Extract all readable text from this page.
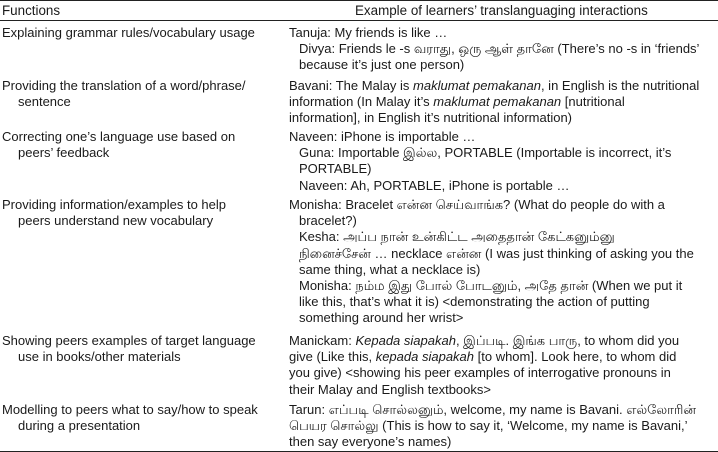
Functions	Example of learners’ translanguaging interactions
Explaining grammar rules/vocabulary usage	Tanuja: My friends is like …
Divya: Friends le -s வராது, ஒரு ஆள் தானே (There’s no -s in ‘friends’
because it’s just one person)
Providing the translation of a word/phrase/
sentence
Bavani: The Malay is maklumat pemakanan, in English is the nutritional
information (In Malay it’s maklumat pemakanan [nutritional
information], in English it’s nutritional information)
Correcting one’s language use based on
peers’ feedback
Naveen: iPhone is importable …
Guna: Importable இல்ல, PORTABLE (Importable is incorrect, it’s
PORTABLE)
Naveen: Ah, PORTABLE, iPhone is portable …
Providing information/examples to help
peers understand new vocabulary
Monisha: Bracelet என்ன செய்வாங்க? (What do people do with a
bracelet?)
Kesha: அப்ப நான் உன்கிட்ட அதைதான் கேட்கனும்னு
நினைச்சேன் … necklace என்ன (I was just thinking of asking you the
same thing, what a necklace is)
Monisha: நம்ம இது போல் போடனும், அதே தான் (When we put it
like this, that’s what it is) <demonstrating the action of putting
something around her wrist>
Showing peers examples of target language
use in books/other materials
Manickam: Kepada siapakah, இப்படி. இங்க பாரு, to whom did you
give (Like this, kepada siapakah [to whom]. Look here, to whom did
you give) <showing his peer examples of interrogative pronouns in
their Malay and English textbooks>
Modelling to peers what to say/how to speak
during a presentation
Tarun: எப்படி சொல்லனும், welcome, my name is Bavani. எல்லோரின்
பெயர சொல்லு (This is how to say it, ‘Welcome, my name is Bavani,’
then say everyone’s names)
